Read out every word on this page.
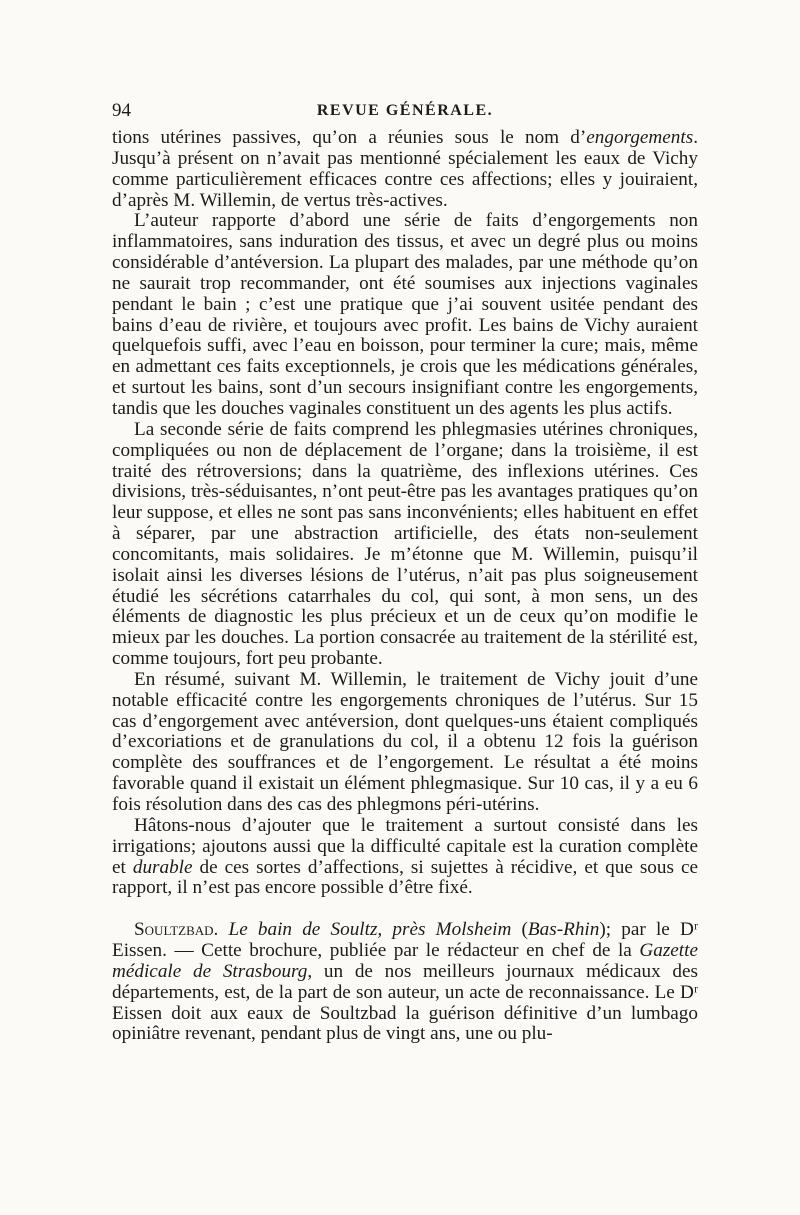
94	REVUE GÉNÉRALE.

tions utérines passives, qu’on a réunies sous le nom d’engorgements. Jusqu’à présent on n’avait pas mentionné spécialement les eaux de Vichy comme particulièrement efficaces contre ces affections; elles y jouiraient, d’après M. Willemin, de vertus très-actives.

L’auteur rapporte d’abord une série de faits d’engorgements non inflammatoires, sans induration des tissus, et avec un degré plus ou moins considérable d’antéversion. La plupart des malades, par une méthode qu’on ne saurait trop recommander, ont été soumises aux injections vaginales pendant le bain ; c’est une pratique que j’ai souvent usitée pendant des bains d’eau de rivière, et toujours avec profit. Les bains de Vichy auraient quelquefois suffi, avec l’eau en boisson, pour terminer la cure; mais, même en admettant ces faits exceptionnels, je crois que les médications générales, et surtout les bains, sont d’un secours insignifiant contre les engorgements, tandis que les douches vaginales constituent un des agents les plus actifs.

La seconde série de faits comprend les phlegmasies utérines chroniques, compliquées ou non de déplacement de l’organe; dans la troisième, il est traité des rétroversions; dans la quatrième, des inflexions utérines. Ces divisions, très-séduisantes, n’ont peut-être pas les avantages pratiques qu’on leur suppose, et elles ne sont pas sans inconvénients; elles habituent en effet à séparer, par une abstraction artificielle, des états non-seulement concomitants, mais solidaires. Je m’étonne que M. Willemin, puisqu’il isolait ainsi les diverses lésions de l’utérus, n’ait pas plus soigneusement étudié les sécrétions catarrhales du col, qui sont, à mon sens, un des éléments de diagnostic les plus précieux et un de ceux qu’on modifie le mieux par les douches. La portion consacrée au traitement de la stérilité est, comme toujours, fort peu probante.

En résumé, suivant M. Willemin, le traitement de Vichy jouit d’une notable efficacité contre les engorgements chroniques de l’utérus. Sur 15 cas d’engorgement avec antéversion, dont quelques-uns étaient compliqués d’excoriations et de granulations du col, il a obtenu 12 fois la guérison complète des souffrances et de l’engorgement. Le résultat a été moins favorable quand il existait un élément phlegmasique. Sur 10 cas, il y a eu 6 fois résolution dans des cas des phlegmons péri-utérins.

Hâtons-nous d’ajouter que le traitement a surtout consisté dans les irrigations; ajoutons aussi que la difficulté capitale est la curation complète et durable de ces sortes d’affections, si sujettes à récidive, et que sous ce rapport, il n’est pas encore possible d’être fixé.

Soultzbad. Le bain de Soultz, près Molsheim (Bas-Rhin); par le Dʳ Eissen. — Cette brochure, publiée par le rédacteur en chef de la Gazette médicale de Strasbourg, un de nos meilleurs journaux médicaux des départements, est, de la part de son auteur, un acte de reconnaissance. Le Dʳ Eissen doit aux eaux de Soultzbad la guérison définitive d’un lumbago opiniâtre revenant, pendant plus de vingt ans, une ou plu-
